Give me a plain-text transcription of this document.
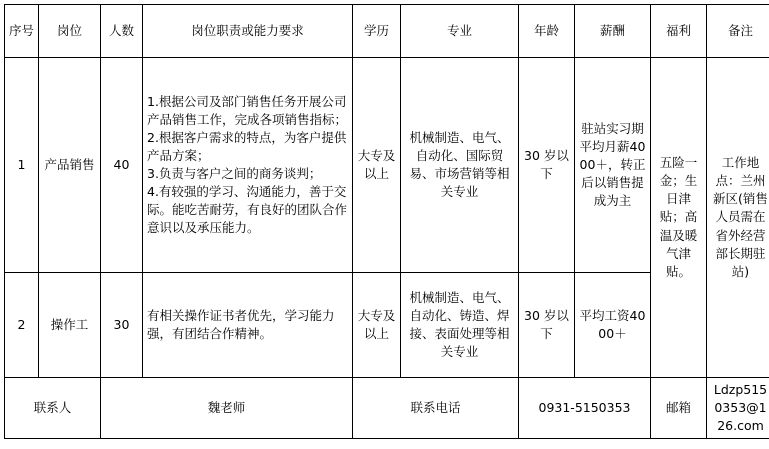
序号	岗位	人数	岗位职责或能力要求	学历	专业	年龄	薪酬	福利	备注
1	产品销售	40	1.根据公司及部门销售任务开展公司产品销售工作，完成各项销售指标；
2.根据客户需求的特点，为客户提供产品方案；
3.负责与客户之间的商务谈判；
4.有较强的学习、沟通能力，善于交际。能吃苦耐劳，有良好的团队合作意识以及承压能力。	大专及以上	机械制造、电气、自动化、国际贸易、市场营销等相关专业	30 岁以下	驻站实习期平均月薪4000＋，转正后以销售提成为主	五险一金；生日津贴；高温及暖气津贴。	工作地点：兰州新区(销售人员需在省外经营部长期驻站)
2	操作工	30	有相关操作证书者优先，学习能力强，有团结合作精神。	大专及以上	机械制造、电气、自动化、铸造、焊接、表面处理等相关专业	30 岁以下	平均工资4000＋		
联系人		魏老师		联系电话		0931-5150353		邮箱	Ldzp5150353@126.com
